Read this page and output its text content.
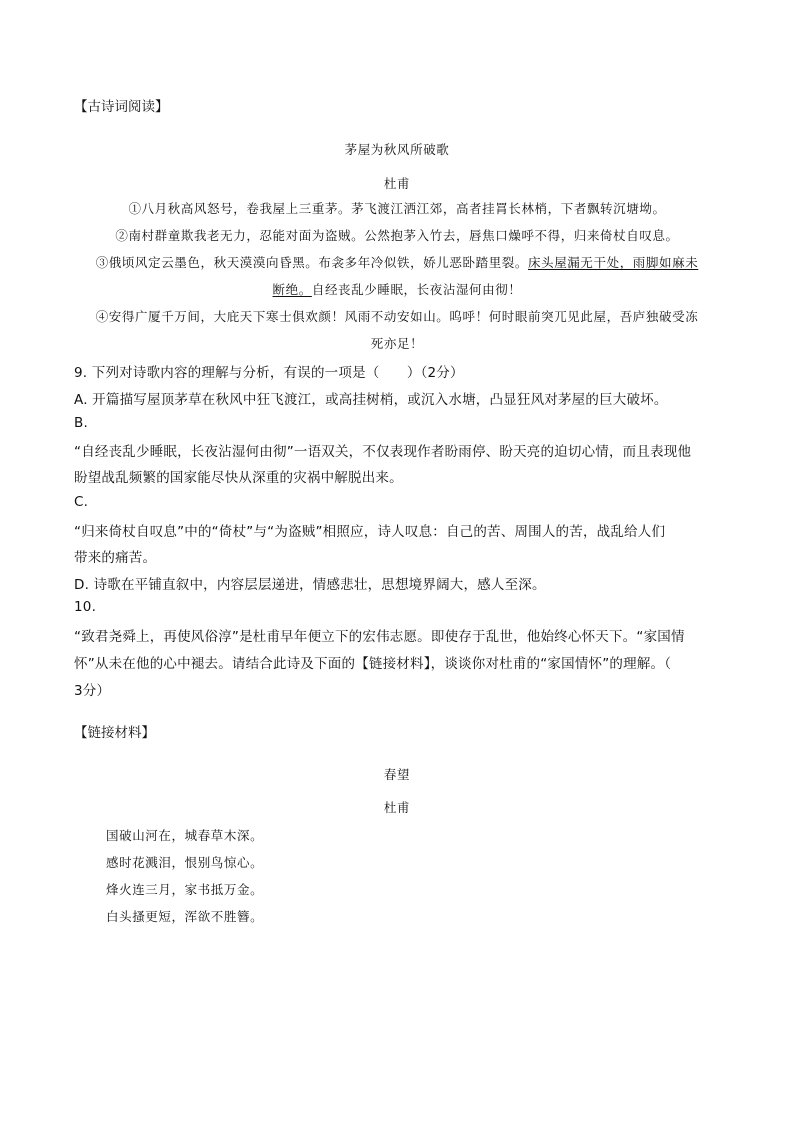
【古诗词阅读】
茅屋为秋风所破歌
杜甫
①八月秋高风怒号，卷我屋上三重茅。茅飞渡江洒江郊，高者挂罥长林梢，下者飘转沉塘坳。
②南村群童欺我老无力，忍能对面为盗贼。公然抱茅入竹去，唇焦口燥呼不得，归来倚杖自叹息。
③俄顷风定云墨色，秋天漠漠向昏黑。布衾多年冷似铁，娇儿恶卧踏里裂。床头屋漏无干处，雨脚如麻未
断绝。自经丧乱少睡眠，长夜沾湿何由彻！
④安得广厦千万间，大庇天下寒士俱欢颜！风雨不动安如山。呜呼！何时眼前突兀见此屋，吾庐独破受冻
死亦足！
9. 下列对诗歌内容的理解与分析，有误的一项是（　　）（2分）
A. 开篇描写屋顶茅草在秋风中狂飞渡江，或高挂树梢，或沉入水塘，凸显狂风对茅屋的巨大破坏。
B.
“自经丧乱少睡眠，长夜沾湿何由彻”一语双关，不仅表现作者盼雨停、盼天亮的迫切心情，而且表现他
盼望战乱频繁的国家能尽快从深重的灾祸中解脱出来。
C.
“归来倚杖自叹息”中的“倚杖”与“为盗贼”相照应，诗人叹息：自己的苦、周围人的苦，战乱给人们
带来的痛苦。
D. 诗歌在平铺直叙中，内容层层递进，情感悲壮，思想境界阔大，感人至深。
10.
“致君尧舜上，再使风俗淳”是杜甫早年便立下的宏伟志愿。即使存于乱世，他始终心怀天下。“家国情
怀”从未在他的心中褪去。请结合此诗及下面的【链接材料】，谈谈你对杜甫的“家国情怀”的理解。（
3分）
【链接材料】
春望
杜甫
国破山河在，城春草木深。
感时花溅泪，恨别鸟惊心。
烽火连三月，家书抵万金。
白头搔更短，浑欲不胜簪。
